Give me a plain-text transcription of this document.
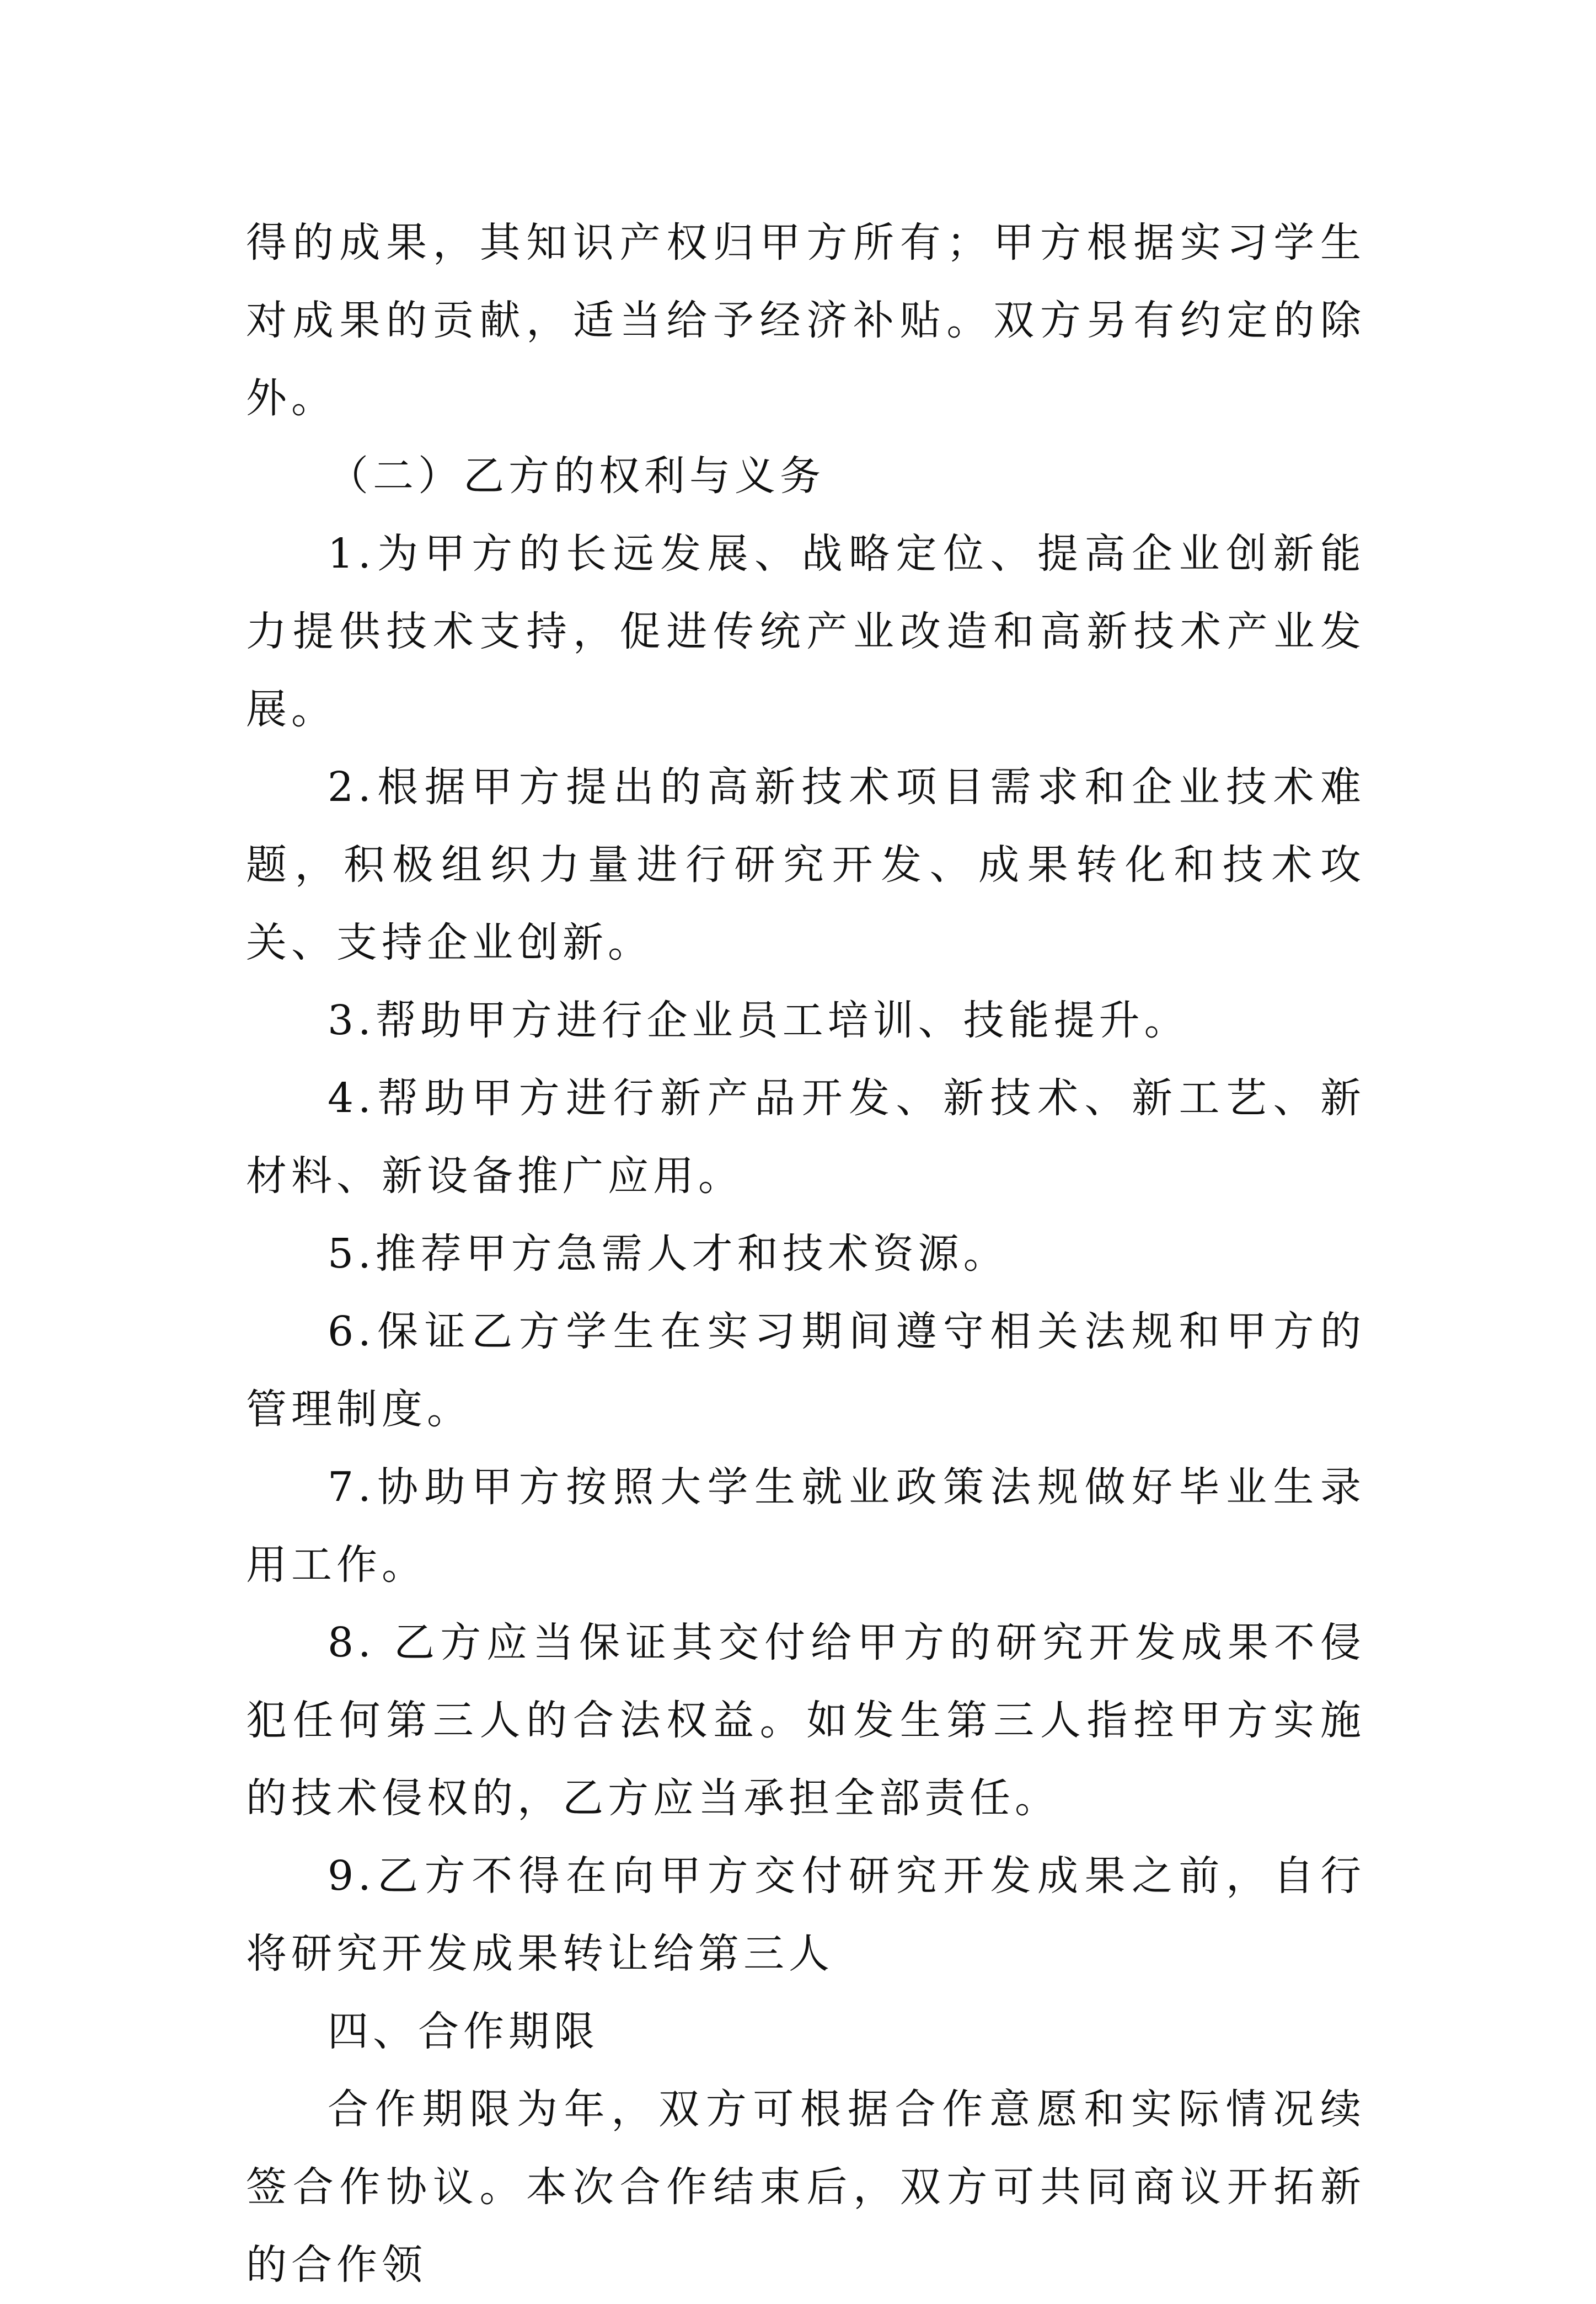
得的成果，其知识产权归甲方所有；甲方根据实习学生对成果的贡献，适当给予经济补贴。双方另有约定的除外。

（二）乙方的权利与义务

1.为甲方的长远发展、战略定位、提高企业创新能力提供技术支持，促进传统产业改造和高新技术产业发展。

2.根据甲方提出的高新技术项目需求和企业技术难题，积极组织力量进行研究开发、成果转化和技术攻关、支持企业创新。

3.帮助甲方进行企业员工培训、技能提升。

4.帮助甲方进行新产品开发、新技术、新工艺、新材料、新设备推广应用。

5.推荐甲方急需人才和技术资源。

6.保证乙方学生在实习期间遵守相关法规和甲方的管理制度。

7.协助甲方按照大学生就业政策法规做好毕业生录用工作。

8. 乙方应当保证其交付给甲方的研究开发成果不侵犯任何第三人的合法权益。如发生第三人指控甲方实施的技术侵权的，乙方应当承担全部责任。

9.乙方不得在向甲方交付研究开发成果之前，自行将研究开发成果转让给第三人

四、合作期限

合作期限为年，双方可根据合作意愿和实际情况续签合作协议。本次合作结束后，双方可共同商议开拓新的合作领
